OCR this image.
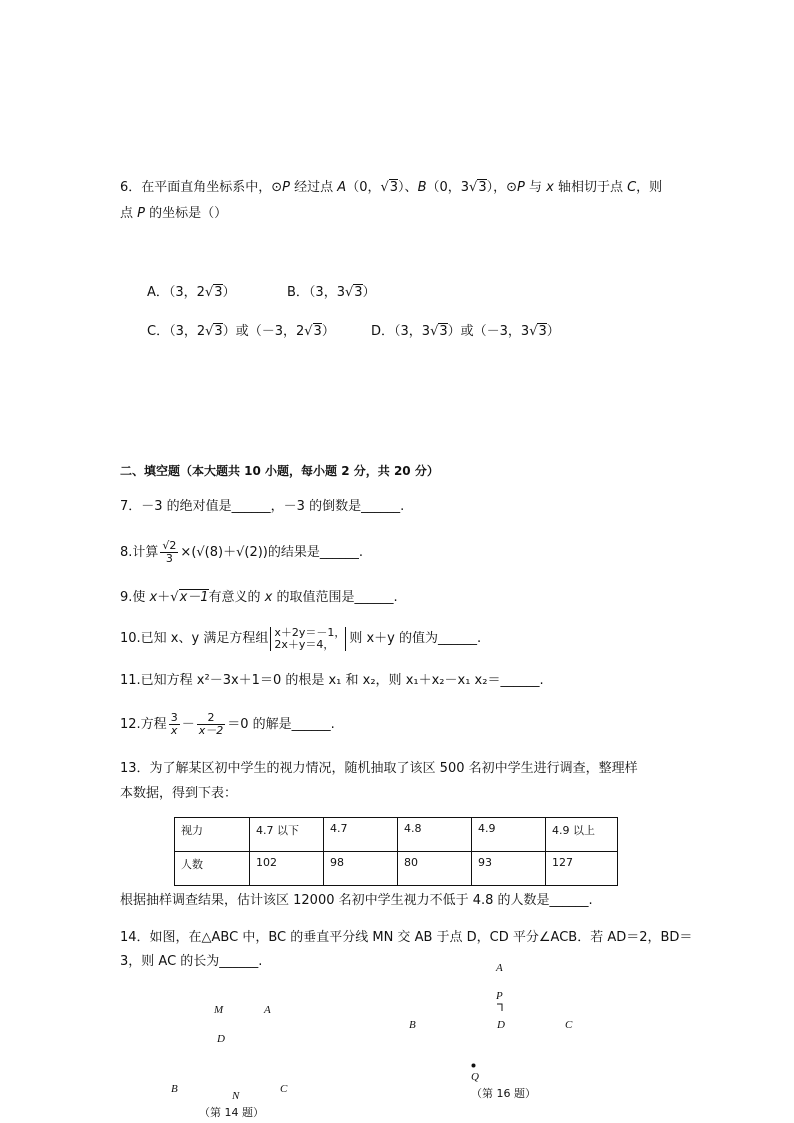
6．在平面直角坐标系中，⊙P 经过点 A（0，√3）、B（0，3√3），⊙P 与 x 轴相切于点 C，则
点 P 的坐标是（）
A．（3，2√3）	B．（3，3√3）
C．（3，2√3）或（－3，2√3）	D．（3，3√3）或（－3，3√3）
二、填空题（本大题共 10 小题，每小题 2 分，共 20 分）
7．－3 的绝对值是______，－3 的倒数是______.
8.计算 $\frac{√2}{3} \times(√(8)+√(2))$的结果是______.
9.使 x＋√x－1有意义的 x 的取值范围是______.
10.已知 x、y 满足方程组 x＋2y＝－1，
2x＋y＝4，	则 x＋y 的值为______.
11.已知方程 x²－3x＋1＝0 的根是 x₁ 和 x₂，则 x₁＋x₂－x₁ x₂＝______.
12.方程 $\frac{3}{x} - \frac{2}{x-2} =0$ 的解是______.
13．为了解某区初中学生的视力情况，随机抽取了该区 500 名初中学生进行调查，整理样
本数据，得到下表：
视力	4.7 以下	4.7	4.8	4.9	4.9 以上
人数	102	98	80	93	127
根据抽样调查结果，估计该区 12000 名初中学生视力不低于 4.8 的人数是______.
14．如图，在△ABC 中，BC 的垂直平分线 MN 交 AB 于点 D，CD 平分∠ACB．若 AD＝2，BD＝
3，则 AC 的长为______.
M	A
D
B
N
C
（第 14 题）
A
P
B	D	C
Q
（第 16 题）
